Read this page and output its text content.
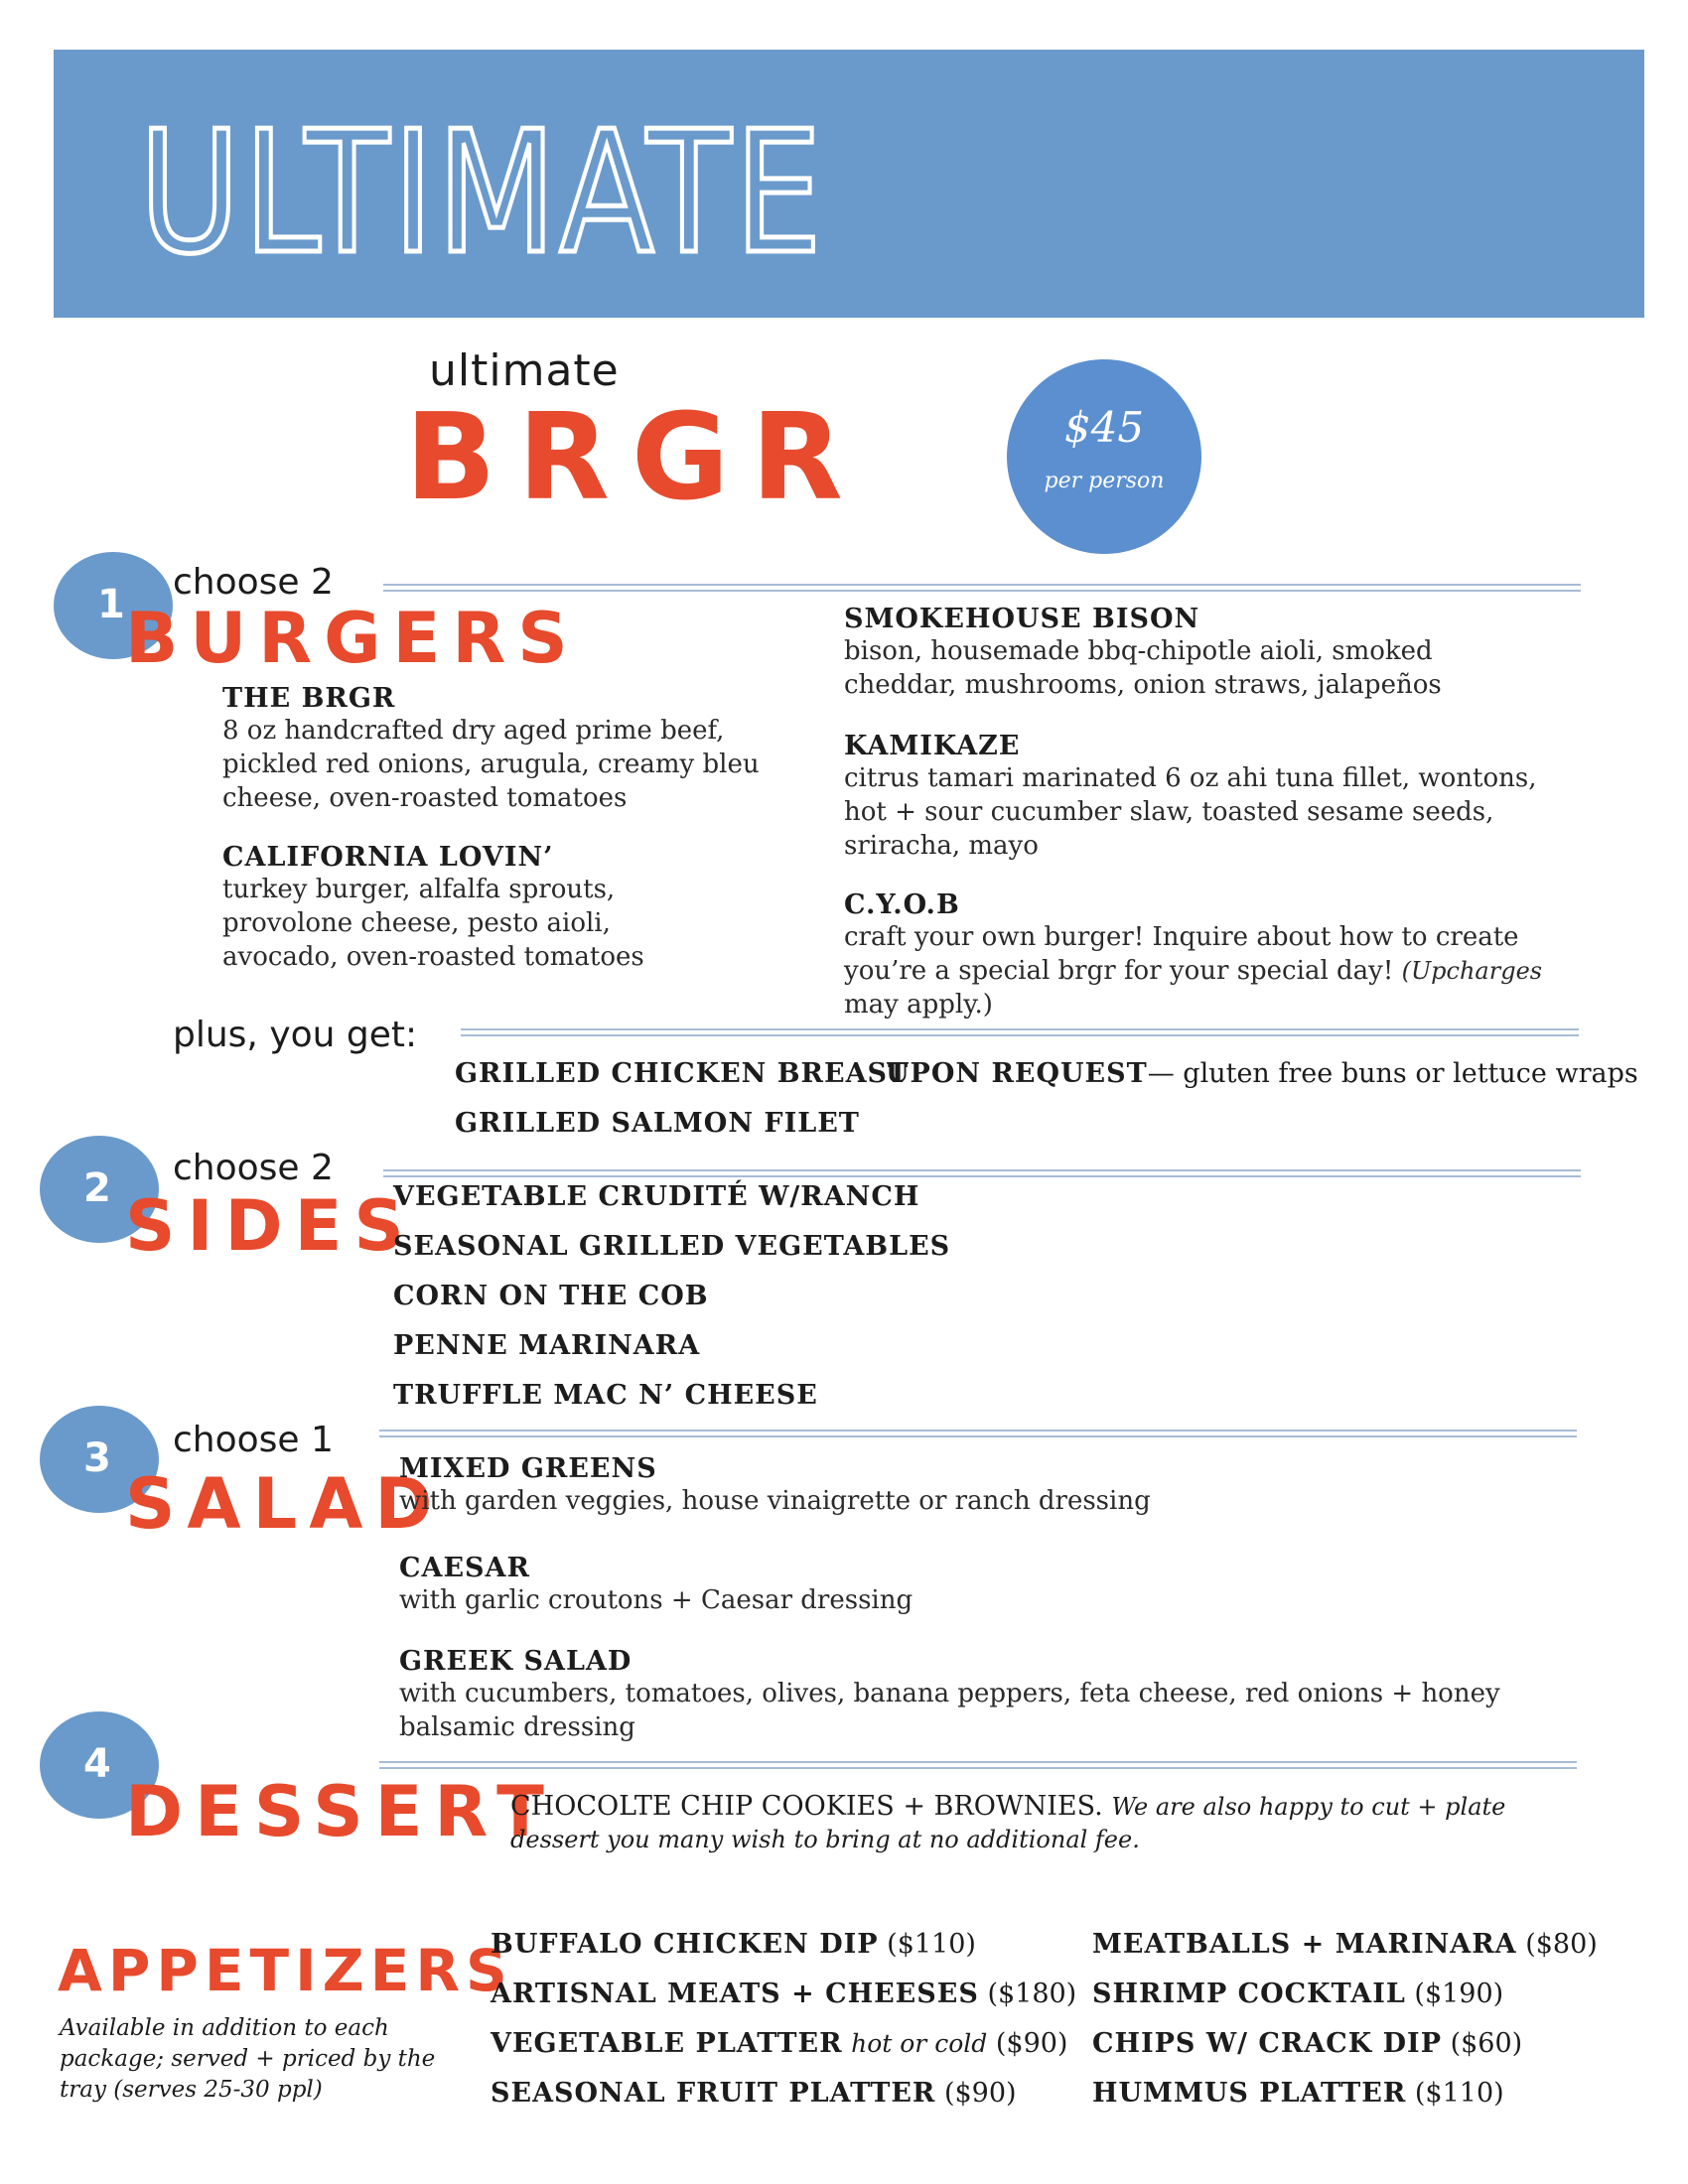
ULTIMATE
ultimate
BRGR	$45
per person
1 choose 2
BURGERS
THE BRGR
8 oz handcrafted dry aged prime beef,
pickled red onions, arugula, creamy bleu
cheese, oven-roasted tomatoes
CALIFORNIA LOVIN’
turkey burger, alfalfa sprouts,
provolone cheese, pesto aioli,
avocado, oven-roasted tomatoes
SMOKEHOUSE BISON
bison, housemade bbq-chipotle aioli, smoked
cheddar, mushrooms, onion straws, jalapeños
KAMIKAZE
citrus tamari marinated 6 oz ahi tuna fillet, wontons,
hot + sour cucumber slaw, toasted sesame seeds,
sriracha, mayo
C.Y.O.B
craft your own burger! Inquire about how to create
you’re a special brgr for your special day! (Upcharges
may apply.)
plus, you get:
GRILLED CHICKEN BREAST
GRILLED SALMON FILET
UPON REQUEST— gluten free buns or lettuce wraps
2 choose 2
SIDES
VEGETABLE CRUDITÉ W/RANCH
SEASONAL GRILLED VEGETABLES
CORN ON THE COB
PENNE MARINARA
TRUFFLE MAC N’ CHEESE
3 choose 1
SALAD
MIXED GREENS
with garden veggies, house vinaigrette or ranch dressing
CAESAR
with garlic croutons + Caesar dressing
GREEK SALAD
with cucumbers, tomatoes, olives, banana peppers, feta cheese, red onions + honey
balsamic dressing
4
DESSERT
CHOCOLTE CHIP COOKIES + BROWNIES. We are also happy to cut + plate
dessert you many wish to bring at no additional fee.
APPETIZERS
Available in addition to each
package; served + priced by the
tray (serves 25-30 ppl)
BUFFALO CHICKEN DIP ($110)
ARTISNAL MEATS + CHEESES ($180)
VEGETABLE PLATTER hot or cold ($90)
SEASONAL FRUIT PLATTER ($90)
MEATBALLS + MARINARA ($80)
SHRIMP COCKTAIL ($190)
CHIPS W/ CRACK DIP ($60)
HUMMUS PLATTER ($110)
